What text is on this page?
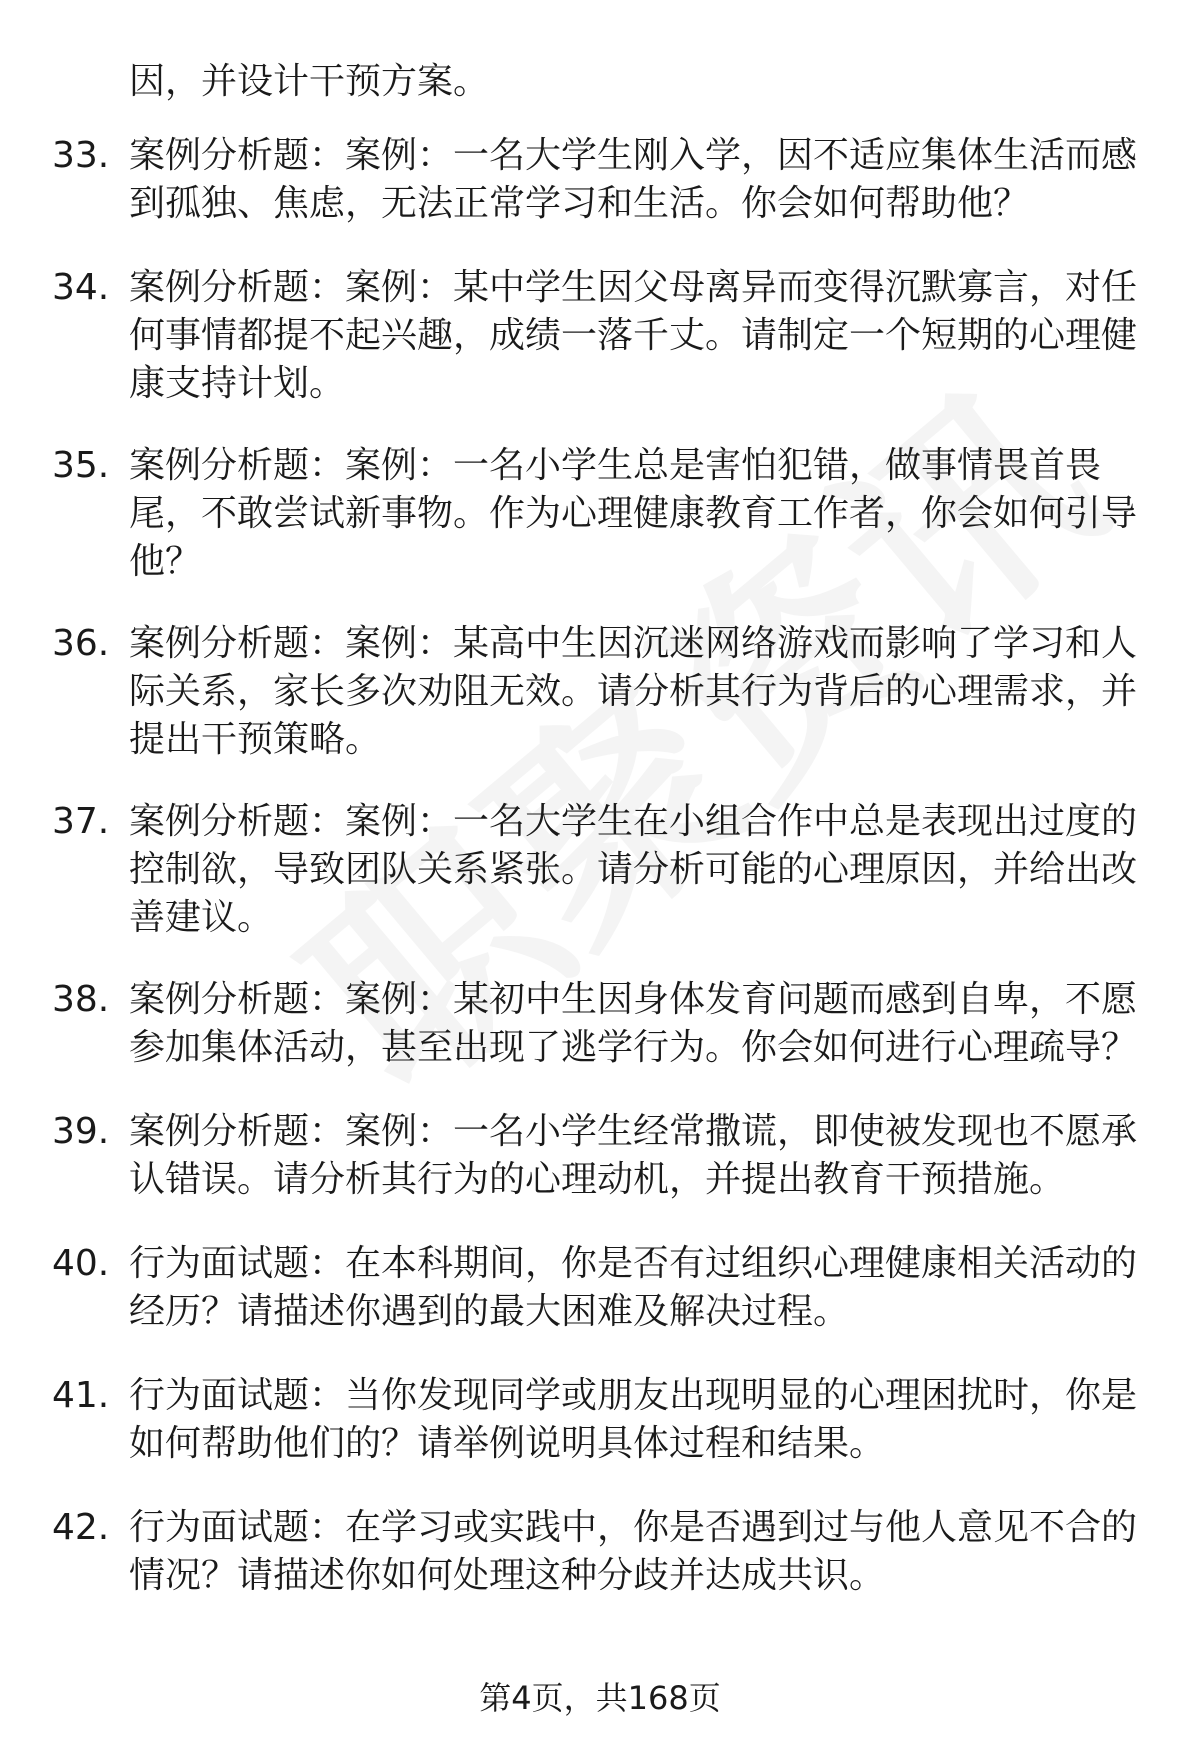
因，并设计干预方案。

33. 案例分析题：案例：一名大学生刚入学，因不适应集体生活而感到孤独、焦虑，无法正常学习和生活。你会如何帮助他？

34. 案例分析题：案例：某中学生因父母离异而变得沉默寡言，对任何事情都提不起兴趣，成绩一落千丈。请制定一个短期的心理健康支持计划。

35. 案例分析题：案例：一名小学生总是害怕犯错，做事情畏首畏尾，不敢尝试新事物。作为心理健康教育工作者，你会如何引导他？

36. 案例分析题：案例：某高中生因沉迷网络游戏而影响了学习和人际关系，家长多次劝阻无效。请分析其行为背后的心理需求，并提出干预策略。

37. 案例分析题：案例：一名大学生在小组合作中总是表现出过度的控制欲，导致团队关系紧张。请分析可能的心理原因，并给出改善建议。

38. 案例分析题：案例：某初中生因身体发育问题而感到自卑，不愿参加集体活动，甚至出现了逃学行为。你会如何进行心理疏导？

39. 案例分析题：案例：一名小学生经常撒谎，即使被发现也不愿承认错误。请分析其行为的心理动机，并提出教育干预措施。

40. 行为面试题：在本科期间，你是否有过组织心理健康相关活动的经历？请描述你遇到的最大困难及解决过程。

41. 行为面试题：当你发现同学或朋友出现明显的心理困扰时，你是如何帮助他们的？请举例说明具体过程和结果。

42. 行为面试题：在学习或实践中，你是否遇到过与他人意见不合的情况？请描述你如何处理这种分歧并达成共识。

第4页，共168页
